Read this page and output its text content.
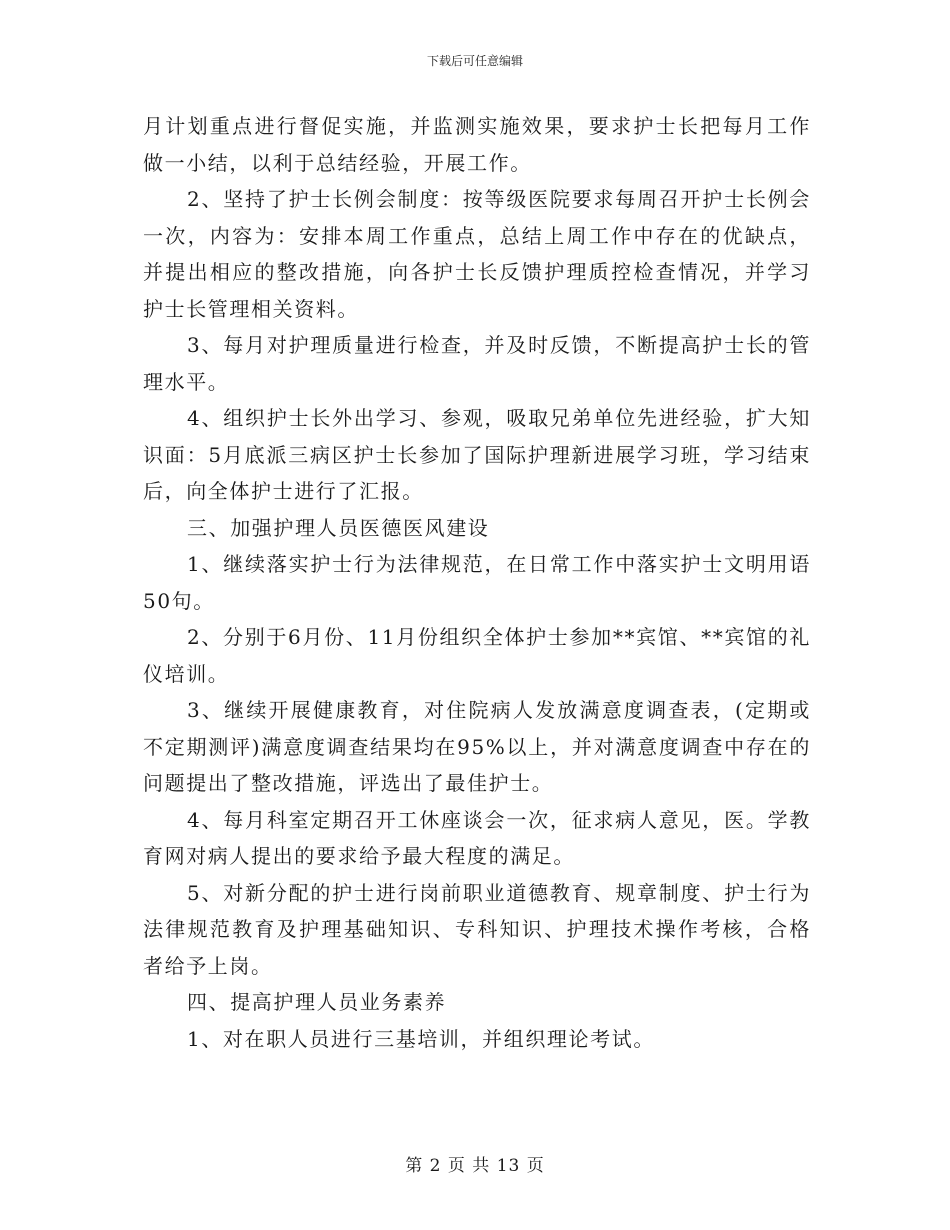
下载后可任意编辑

月计划重点进行督促实施，并监测实施效果，要求护士长把每月工作做一小结，以利于总结经验，开展工作。

2、坚持了护士长例会制度：按等级医院要求每周召开护士长例会一次，内容为：安排本周工作重点，总结上周工作中存在的优缺点，并提出相应的整改措施，向各护士长反馈护理质控检查情况，并学习护士长管理相关资料。

3、每月对护理质量进行检查，并及时反馈，不断提高护士长的管理水平。

4、组织护士长外出学习、参观，吸取兄弟单位先进经验，扩大知识面：5月底派三病区护士长参加了国际护理新进展学习班，学习结束后，向全体护士进行了汇报。

三、加强护理人员医德医风建设

1、继续落实护士行为法律规范，在日常工作中落实护士文明用语50句。

2、分别于6月份、11月份组织全体护士参加**宾馆、**宾馆的礼仪培训。

3、继续开展健康教育，对住院病人发放满意度调查表，(定期或不定期测评)满意度调查结果均在95%以上，并对满意度调查中存在的问题提出了整改措施，评选出了最佳护士。

4、每月科室定期召开工休座谈会一次，征求病人意见，医。学教育网对病人提出的要求给予最大程度的满足。

5、对新分配的护士进行岗前职业道德教育、规章制度、护士行为法律规范教育及护理基础知识、专科知识、护理技术操作考核，合格者给予上岗。

四、提高护理人员业务素养

1、对在职人员进行三基培训，并组织理论考试。

第 2 页 共 13 页
